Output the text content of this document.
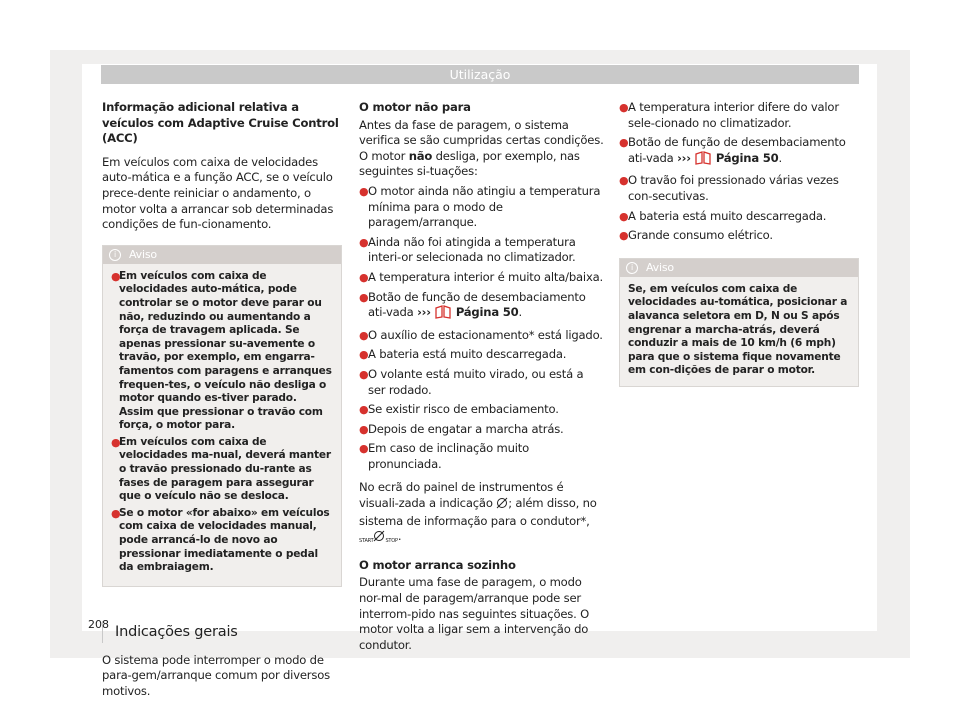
Utilização

Informação adicional relativa a veículos com Adaptive Cruise Control (ACC)

Em veículos com caixa de velocidades auto-mática e a função ACC, se o veículo prece-dente reiniciar o andamento, o motor volta a arrancar sob determinadas condições de fun-cionamento.

i	Aviso
●
Em veículos com caixa de velocidades auto-mática, pode controlar se o motor deve parar ou não, reduzindo ou aumentando a força de travagem aplicada. Se apenas pressionar su-avemente o travão, por exemplo, em engarra-famentos com paragens e arranques frequen-tes, o veículo não desliga o motor quando es-tiver parado. Assim que pressionar o travão com força, o motor para.
●
Em veículos com caixa de velocidades ma-nual, deverá manter o travão pressionado du-rante as fases de paragem para assegurar que o veículo não se desloca.
●
Se o motor «for abaixo» em veículos com caixa de velocidades manual, pode arrancá-lo de novo ao pressionar imediatamente o pedal da embraiagem.
Indicações gerais

O sistema pode interromper o modo de para-gem/arranque comum por diversos motivos.

O motor não para

Antes da fase de paragem, o sistema verifica se são cumpridas certas condições. O motor não desliga, por exemplo, nas seguintes si-tuações:

● O motor ainda não atingiu a temperatura mínima para o modo de paragem/arranque.
● Ainda não foi atingida a temperatura interi-or selecionada no climatizador.
● A temperatura interior é muito alta/baixa.
● Botão de função de desembaciamento ati-vada ››› Página 50.
● O auxílio de estacionamento* está ligado.
● A bateria está muito descarregada.
● O volante está muito virado, ou está a ser rodado.
● Se existir risco de embaciamento.
● Depois de engatar a marcha atrás.
● Em caso de inclinação muito pronunciada.

No ecrã do painel de instrumentos é visuali-zada a indicação ; além disso, no sistema de informação para o condutor*, START STOP.

O motor arranca sozinho

Durante uma fase de paragem, o modo nor-mal de paragem/arranque pode ser interrom-pido nas seguintes situações. O motor volta a ligar sem a intervenção do condutor.

● A temperatura interior difere do valor sele-cionado no climatizador.
● Botão de função de desembaciamento ati-vada ››› Página 50.
● O travão foi pressionado várias vezes con-secutivas.
● A bateria está muito descarregada.
● Grande consumo elétrico.
i	Aviso
Se, em veículos com caixa de velocidades au-tomática, posicionar a alavanca seletora em D, N ou S após engrenar a marcha-atrás, deverá conduzir a mais de 10 km/h (6 mph) para que o sistema fique novamente em con-dições de parar o motor.
208
